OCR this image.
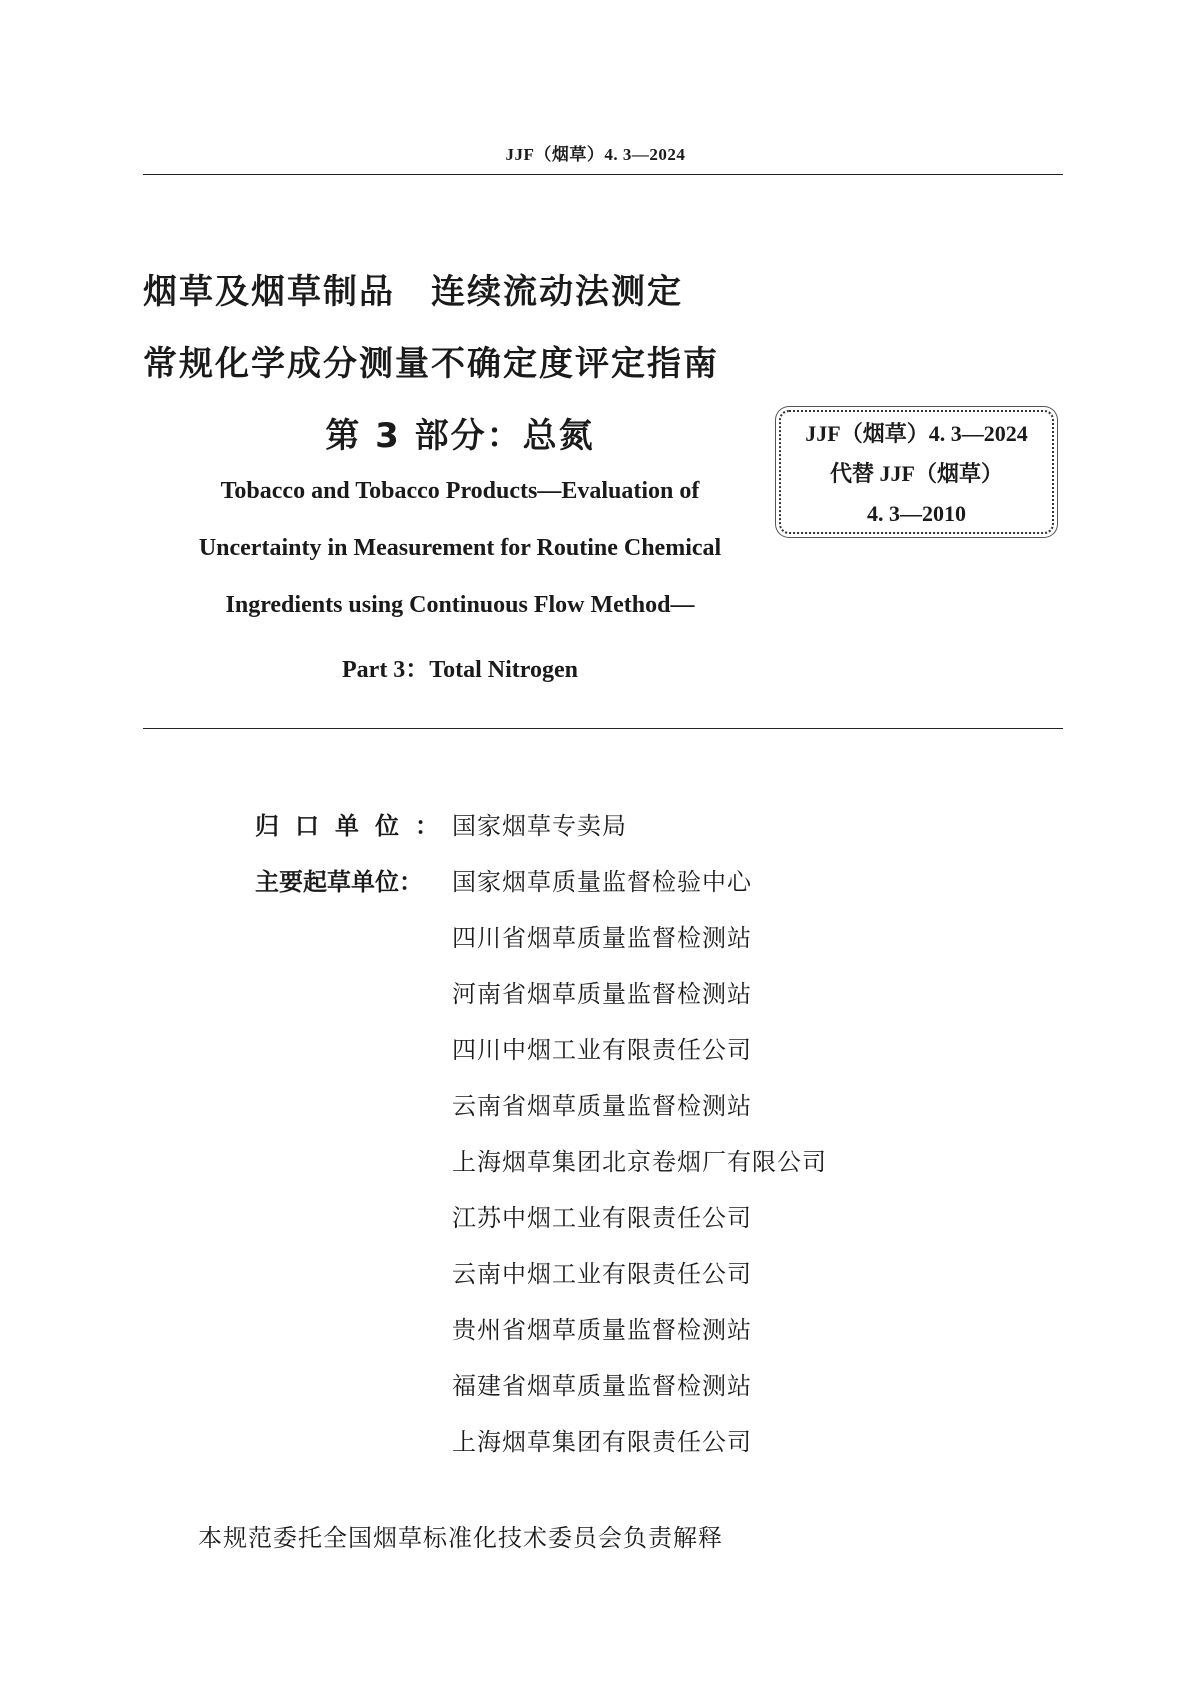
JJF（烟草）4. 3—2024
烟草及烟草制品　连续流动法测定
常规化学成分测量不确定度评定指南
第 3 部分：总氮	JJF（烟草）4. 3—2024
代替 JJF（烟草）
4. 3—2010
Tobacco and Tobacco Products—Evaluation of
Uncertainty in Measurement for Routine Chemical
Ingredients using Continuous Flow Method—
Part 3：Total Nitrogen
归口单位：
国家烟草专卖局
主要起草单位： 国家烟草质量监督检验中心
四川省烟草质量监督检测站
河南省烟草质量监督检测站
四川中烟工业有限责任公司
云南省烟草质量监督检测站
上海烟草集团北京卷烟厂有限公司
江苏中烟工业有限责任公司
云南中烟工业有限责任公司
贵州省烟草质量监督检测站
福建省烟草质量监督检测站
上海烟草集团有限责任公司
本规范委托全国烟草标准化技术委员会负责解释
